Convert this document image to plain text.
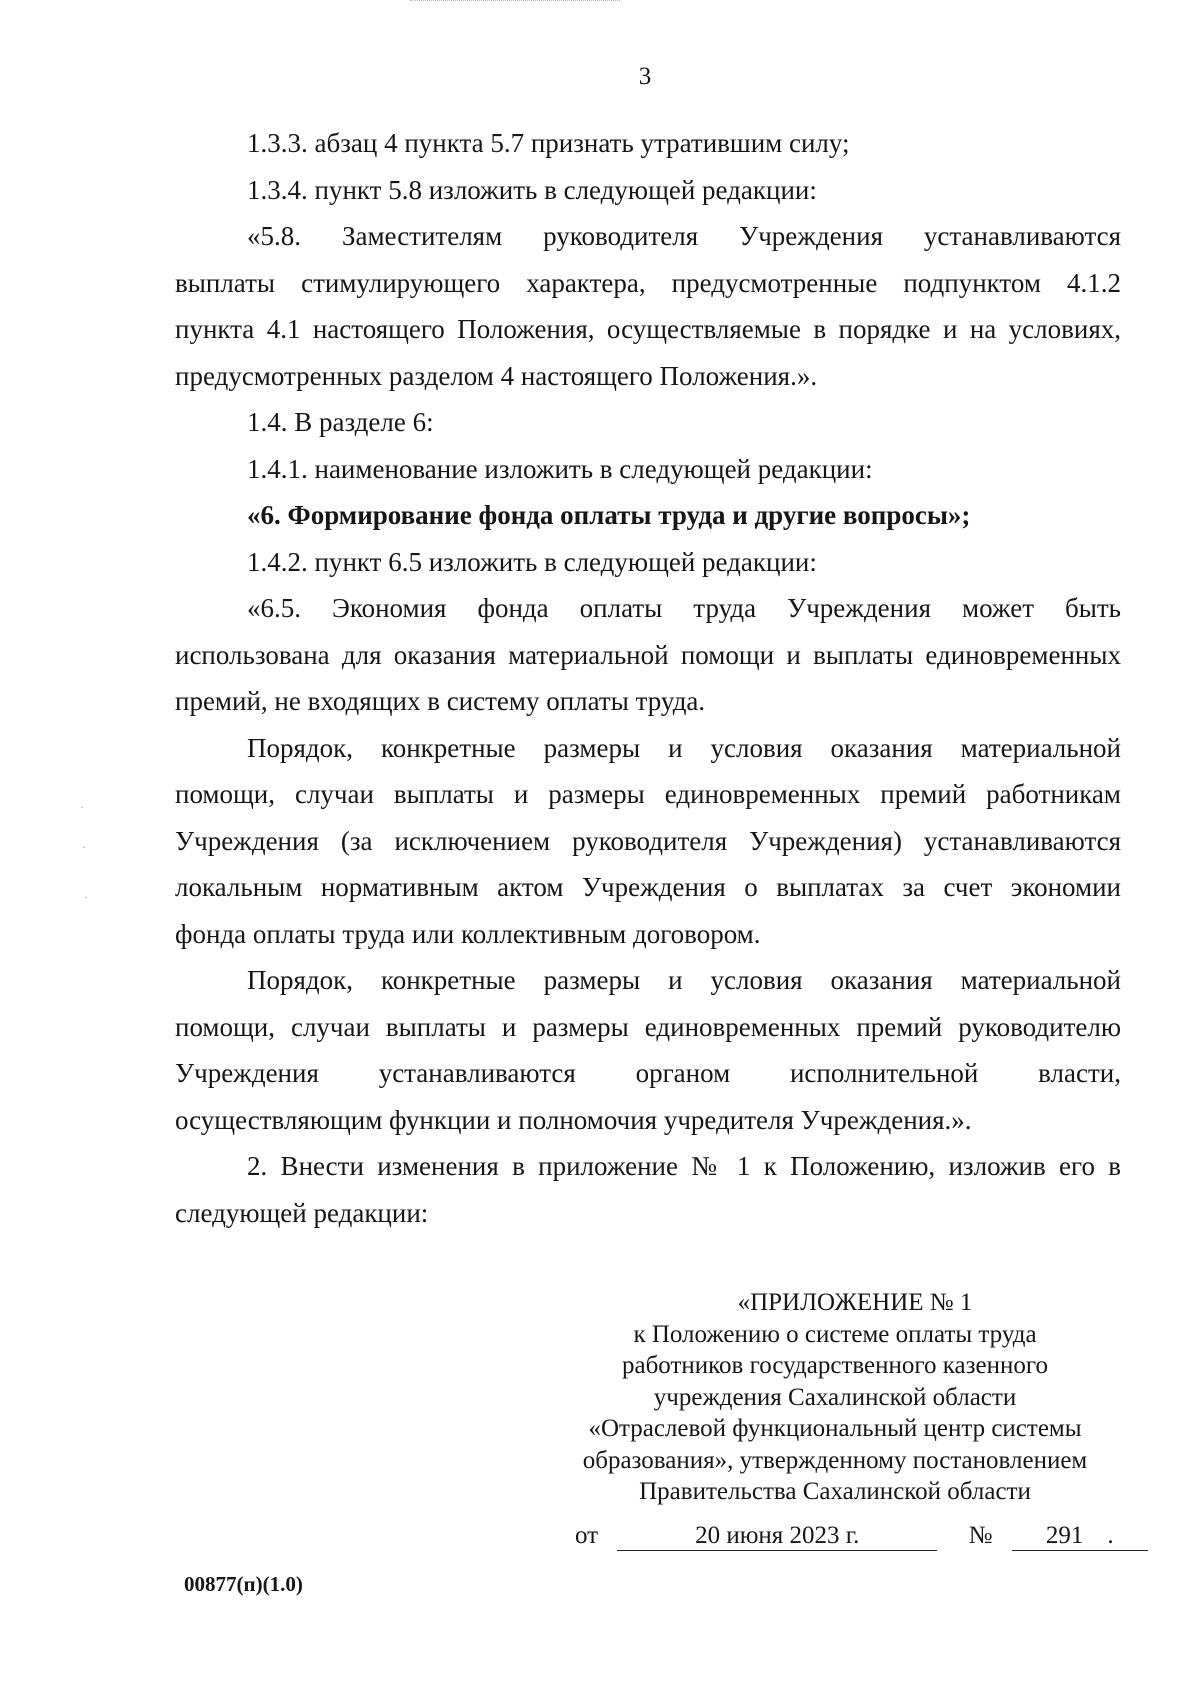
3
1.3.3. абзац 4 пункта 5.7 признать утратившим силу;
1.3.4. пункт 5.8 изложить в следующей редакции:
«5.8. Заместителям руководителя Учреждения устанавливаются
выплаты стимулирующего характера, предусмотренные подпунктом 4.1.2
пункта 4.1 настоящего Положения, осуществляемые в порядке и на условиях,
предусмотренных разделом 4 настоящего Положения.».
1.4. В разделе 6:
1.4.1. наименование изложить в следующей редакции:
«6. Формирование фонда оплаты труда и другие вопросы»;
1.4.2. пункт 6.5 изложить в следующей редакции:
«6.5. Экономия фонда оплаты труда Учреждения может быть
использована для оказания материальной помощи и выплаты единовременных
премий, не входящих в систему оплаты труда.
Порядок, конкретные размеры и условия оказания материальной
помощи, случаи выплаты и размеры единовременных премий работникам
Учреждения (за исключением руководителя Учреждения) устанавливаются
локальным нормативным актом Учреждения о выплатах за счет экономии
фонда оплаты труда или коллективным договором.
Порядок, конкретные размеры и условия оказания материальной
помощи, случаи выплаты и размеры единовременных премий руководителю
Учреждения устанавливаются органом исполнительной власти,
осуществляющим функции и полномочия учредителя Учреждения.».
2. Внести изменения в приложение № 1 к Положению, изложив его в
следующей редакции:
«ПРИЛОЖЕНИЕ № 1
к Положению о системе оплаты труда
работников государственного казенного
учреждения Сахалинской области
«Отраслевой функциональный центр системы
образования», утвержденному постановлением
Правительства Сахалинской области
от	20 июня 2023 г.	№ 291 .
00877(п)(1.0)
·
·
·
